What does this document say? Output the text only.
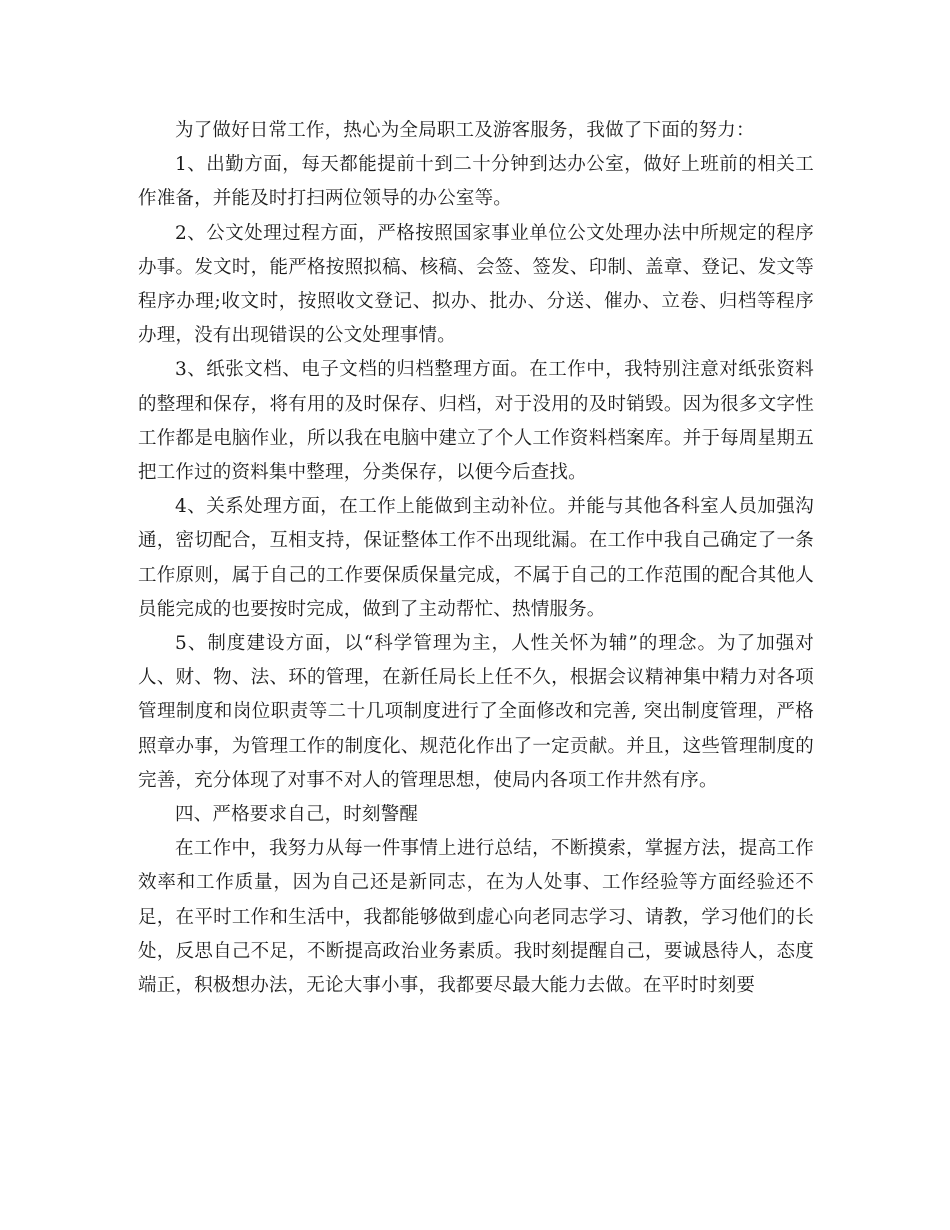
为了做好日常工作，热心为全局职工及游客服务，我做了下面的努力：

1、出勤方面，每天都能提前十到二十分钟到达办公室，做好上班前的相关工作准备，并能及时打扫两位领导的办公室等。

2、公文处理过程方面，严格按照国家事业单位公文处理办法中所规定的程序办事。发文时，能严格按照拟稿、核稿、会签、签发、印制、盖章、登记、发文等程序办理;收文时，按照收文登记、拟办、批办、分送、催办、立卷、归档等程序办理，没有出现错误的公文处理事情。

3、纸张文档、电子文档的归档整理方面。在工作中，我特别注意对纸张资料的整理和保存，将有用的及时保存、归档，对于没用的及时销毁。因为很多文字性工作都是电脑作业，所以我在电脑中建立了个人工作资料档案库。并于每周星期五把工作过的资料集中整理，分类保存，以便今后查找。

4、关系处理方面，在工作上能做到主动补位。并能与其他各科室人员加强沟通，密切配合，互相支持，保证整体工作不出现纰漏。在工作中我自己确定了一条工作原则，属于自己的工作要保质保量完成，不属于自己的工作范围的配合其他人员能完成的也要按时完成，做到了主动帮忙、热情服务。

5、制度建设方面，以“科学管理为主，人性关怀为辅”的理念。为了加强对人、财、物、法、环的管理，在新任局长上任不久，根据会议精神集中精力对各项管理制度和岗位职责等二十几项制度进行了全面修改和完善, 突出制度管理，严格照章办事，为管理工作的制度化、规范化作出了一定贡献。并且，这些管理制度的完善，充分体现了对事不对人的管理思想，使局内各项工作井然有序。

四、严格要求自己，时刻警醒

在工作中，我努力从每一件事情上进行总结，不断摸索，掌握方法，提高工作效率和工作质量，因为自己还是新同志，在为人处事、工作经验等方面经验还不足，在平时工作和生活中，我都能够做到虚心向老同志学习、请教，学习他们的长处，反思自己不足，不断提高政治业务素质。我时刻提醒自己，要诚恳待人，态度端正，积极想办法，无论大事小事，我都要尽最大能力去做。在平时时刻要
